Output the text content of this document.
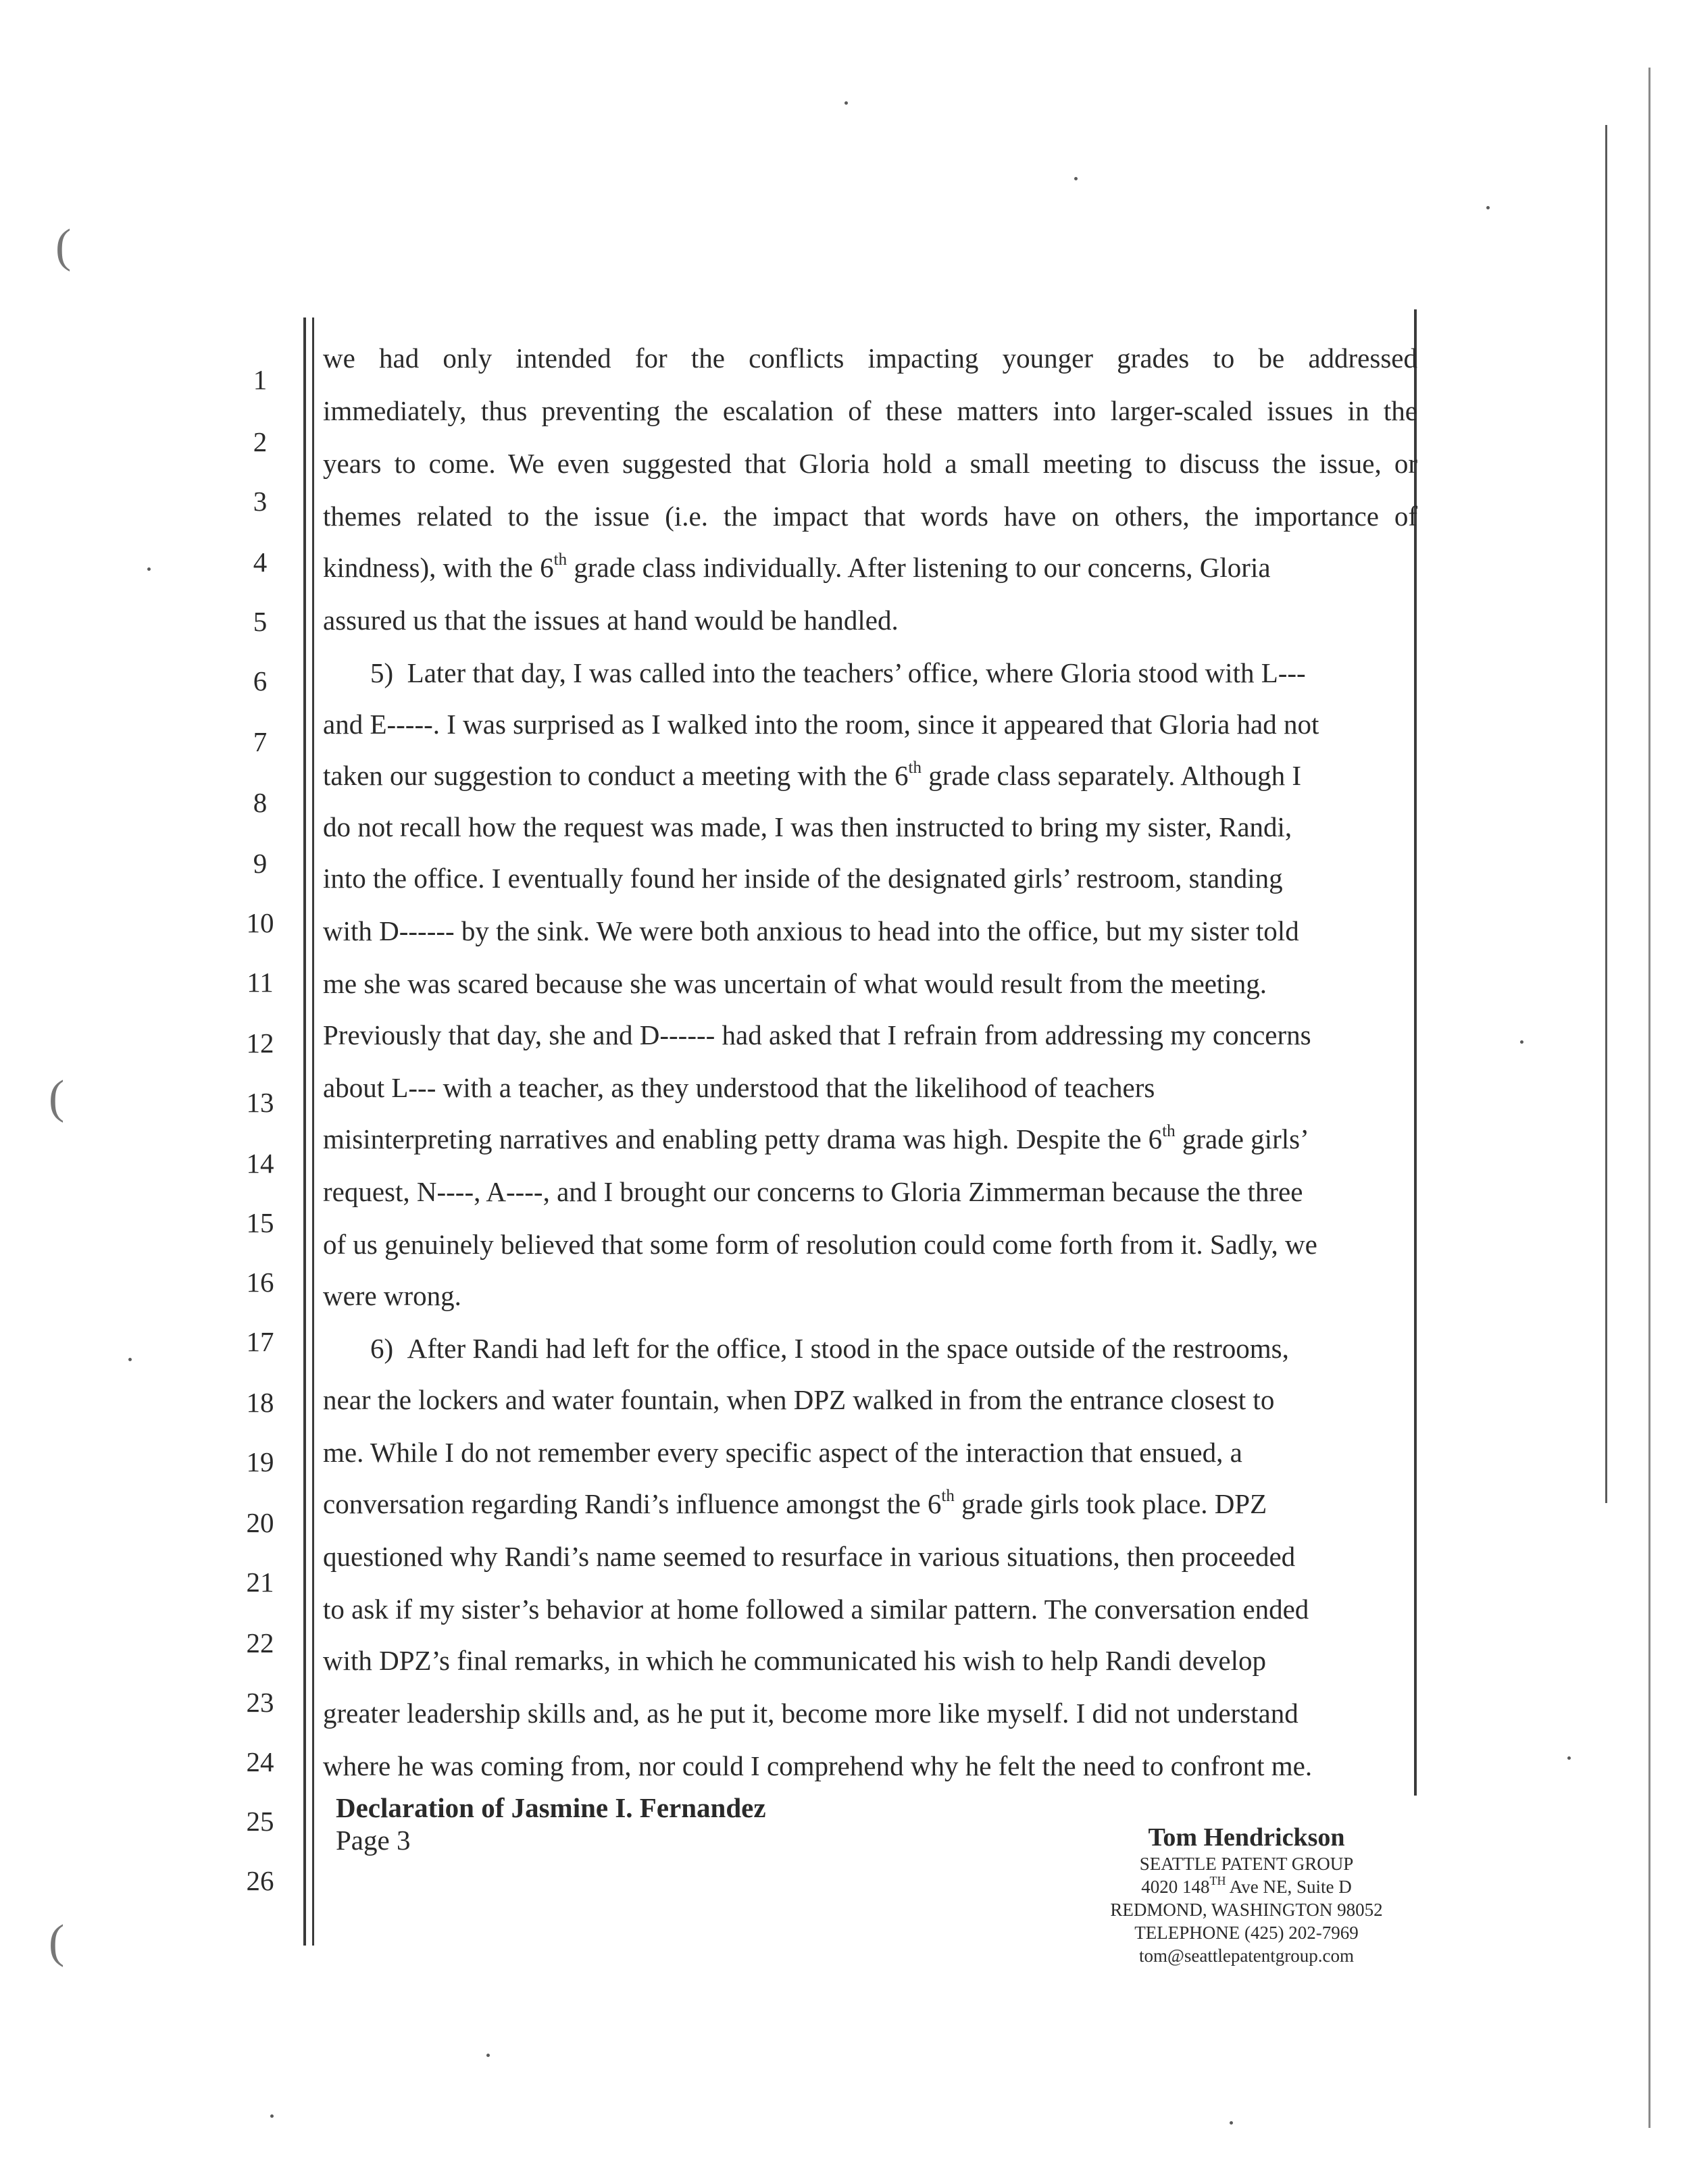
(
(
(
1
2
3
4
5
6
7
8
9
10
11
12
13
14
15
16
17
18
19
20
21
22
23
24
25
26
we had only intended for the conflicts impacting younger grades to be addressed
immediately, thus preventing the escalation of these matters into larger-scaled issues in the
years to come. We even suggested that Gloria hold a small meeting to discuss the issue, or
themes related to the issue (i.e. the impact that words have on others, the importance of
kindness), with the 6th grade class individually. After listening to our concerns, Gloria
assured us that the issues at hand would be handled.
5) Later that day, I was called into the teachers’ office, where Gloria stood with L---
and E-----. I was surprised as I walked into the room, since it appeared that Gloria had not
taken our suggestion to conduct a meeting with the 6th grade class separately. Although I
do not recall how the request was made, I was then instructed to bring my sister, Randi,
into the office. I eventually found her inside of the designated girls’ restroom, standing
with D------ by the sink. We were both anxious to head into the office, but my sister told
me she was scared because she was uncertain of what would result from the meeting.
Previously that day, she and D------ had asked that I refrain from addressing my concerns
about L--- with a teacher, as they understood that the likelihood of teachers
misinterpreting narratives and enabling petty drama was high. Despite the 6th grade girls’
request, N----, A----, and I brought our concerns to Gloria Zimmerman because the three
of us genuinely believed that some form of resolution could come forth from it. Sadly, we
were wrong.
6) After Randi had left for the office, I stood in the space outside of the restrooms,
near the lockers and water fountain, when DPZ walked in from the entrance closest to
me. While I do not remember every specific aspect of the interaction that ensued, a
conversation regarding Randi’s influence amongst the 6th grade girls took place. DPZ
questioned why Randi’s name seemed to resurface in various situations, then proceeded
to ask if my sister’s behavior at home followed a similar pattern. The conversation ended
with DPZ’s final remarks, in which he communicated his wish to help Randi develop
greater leadership skills and, as he put it, become more like myself. I did not understand
where he was coming from, nor could I comprehend why he felt the need to confront me.
Declaration of Jasmine I. Fernandez
Page 3	Tom Hendrickson
SEATTLE PATENT GROUP
4020 148TH Ave NE, Suite D
REDMOND, WASHINGTON 98052
TELEPHONE (425) 202-7969
tom@seattlepatentgroup.com
